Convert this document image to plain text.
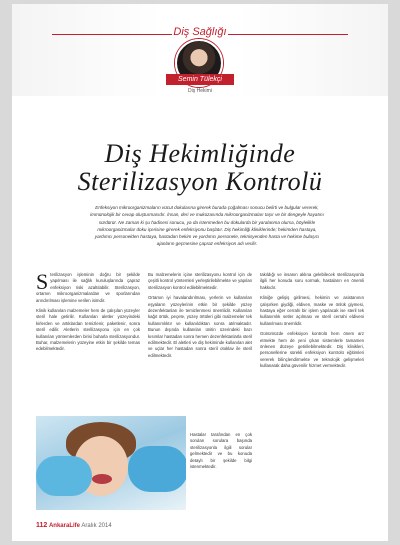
Diş Sağlığı
Semin Tülekçi
Diş Hekimi
Diş Hekimliğinde
Sterilizasyon Kontrolü
Enfeksiyon mikroorganizmaların vücut dokularına girerek burada çoğalması sonucu belirti ve bulgular vererek, immünolojik bir cevap oluşturmasıdır. İnsan, deri ve mukozasında mikroorganizmaları taşır ve bir dengeyle hayatını sürdürür. Ne zaman ki şu hadisesi sonucu, ya da istenmeden bu dokularda bir yaralanma olursa, böylelikle mikroorganizmalar doku içerisine girerek enfeksiyonu başlatır. Diş hekimliği kliniklerinde; hekimden hastaya, yardımcı personelden hastaya, hastadan hekim ve yardımcı personele, teknisyenden hasta ve hekime bulaşıcı ajanların geçmesine çapraz enfeksiyon adı verilir.

Sterilizasyon işleminin doğru bir şekilde yapılması ile sağlık kuruluşlarında çapraz enfeksiyon riski azaltılabilir. Sterilizasyon, ortamın mikroorganizmalardan ve sporlarından arındırılması işlemine verilen isimdir.

Klinik kullanılan malzemeler hem de çalışılan yüzeyler steril hale getirilir. Kullanılan aletler yüzeyindeki kirlerden ve artıklardan temizlenir, paketlenir, sonra steril edilir. Aletlerin sterilizasyonu için en çok kullanılan yöntemlerden birisi buharla sterilizasyondur. Buhar, malzemelerin yüzeyine etkin bir şekilde temas edebilmektedir.

Bu malzemelerin içine sterilizasyonu kontrol için de çeşitli kontrol yöntemleri yerleştirilebilmekte ve yapılan sterilizasyon kontrol edilebilmektedir.

Ortamın iyi havalandırılması, yerlerin ve kullanılan eşyaların yüzeylerinin etkin bir şekilde yüzey dezenfektanları ile temizlenmesi önemlidir. Kullanılan kağıt örtük, peçete, yüzey örtüleri gibi malzemeler tek kullanımlıktır ve kullanıldıktan sonra atılmaktadır. Bunun dışında kullanılan ünitin üzerindeki bazı kısımlar hastadan sonra hemen dezenfektanlarla steril edilmektedir. El aletleri ve diş hekiminde kullanılan alet ve uçlar her hastadan sonra steril otoklav ile steril edilmektedir.

takıldığı ve insanın aklına gelebilecek sterilizasyonla ilgili her konuda soru sormak, hastaların en önemli hakkıdır.

Kliniğe gelişiş girilmesi, hekimin ve asistanının çalışırken giydiği, eldiven, maske ve önlük giymesi, hastaya eğer cerrahi bir işlem yapılacak ise steril tek kullanımlık setler açılması ve steril cerrahi eldiveni kullanılması önemlidir.

Günümüzde enfeksiyon kontrolü hem önem arz etmekte hem de yeni çıkan sistemlerle tamamen önlenen düzeye getirilebilmektedir. Diş klinikleri, personellerine sürekli enfeksiyon kontrolü eğitimleri vererek bilinçlendirmekte ve teknolojik gelişmeleri kullanarak daha güvenilir hizmet vermektedir.

Hastalar tarafından en çok sorulan sorulara başında sterilizasyonla ilgili sorular gelmektedir ve bu konuda detaylı bir şekilde bilgi istenmektedir.
112 AnkaraLife Aralık 2014
